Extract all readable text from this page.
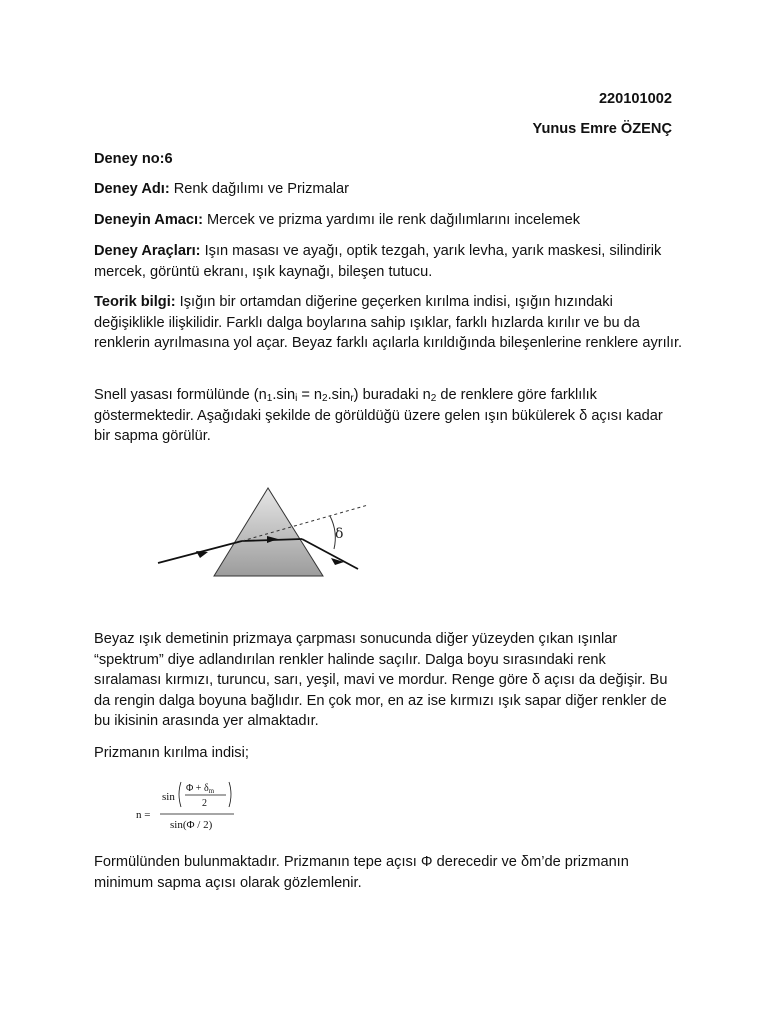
220101002

Yunus Emre ÖZENÇ

Deney no:6

Deney Adı: Renk dağılımı ve Prizmalar

Deneyin Amacı: Mercek ve prizma yardımı ile renk dağılımlarını incelemek

Deney Araçları: Işın masası ve ayağı, optik tezgah, yarık levha, yarık maskesi, silindirik mercek, görüntü ekranı, ışık kaynağı, bileşen tutucu.

Teorik bilgi: Işığın bir ortamdan diğerine geçerken kırılma indisi, ışığın hızındaki değişiklikle ilişkilidir. Farklı dalga boylarına sahip ışıklar, farklı hızlarda kırılır ve bu da renklerin ayrılmasına yol açar. Beyaz farklı açılarla kırıldığında bileşenlerine renklere ayrılır.

Snell yasası formülünde $(n_1.\sin_i = n_2.\sin_r)$ buradaki $n_2$ de renklere göre farklılık göstermektedir. Aşağıdaki şekilde de görüldüğü üzere gelen ışın bükülerek δ açısı kadar bir sapma görülür.

δ

Beyaz ışık demetinin prizmaya çarpması sonucunda diğer yüzeyden çıkan ışınlar “spektrum” diye adlandırılan renkler halinde saçılır. Dalga boyu sırasındaki renk sıralaması kırmızı, turuncu, sarı, yeşil, mavi ve mordur. Renge göre δ açısı da değişir. Bu da rengin dalga boyuna bağlıdır. En çok mor, en az ise kırmızı ışık sapar diğer renkler de bu ikisinin arasında yer almaktadır.

Prizmanın kırılma indisi;

n =
sin
$\Phi + \delta_m$
2
sin(Φ / 2)

Formülünden bulunmaktadır. Prizmanın tepe açısı Φ derecedir ve δm’de prizmanın minimum sapma açısı olarak gözlemlenir.
